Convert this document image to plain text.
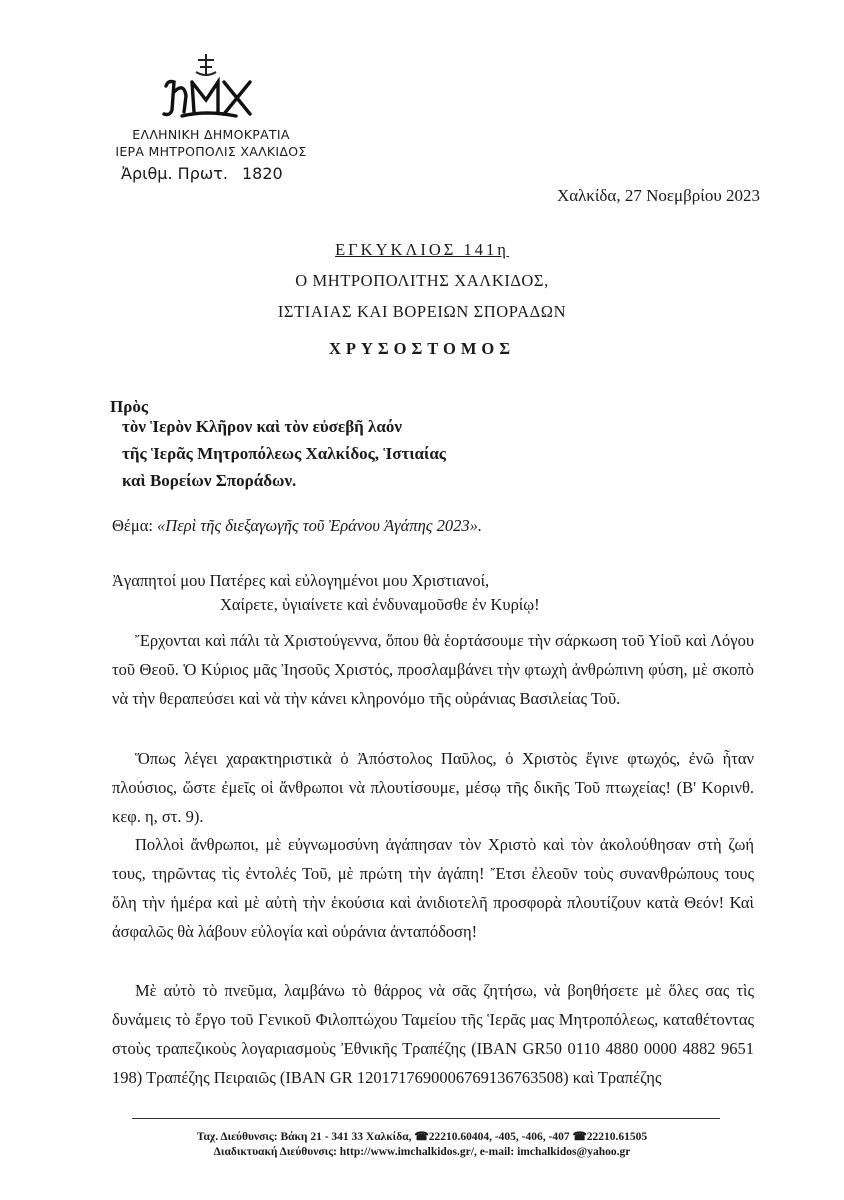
ΕΛΛΗΝΙΚΗ ΔΗΜΟΚΡΑΤΙΑ
ΙΕΡΑ ΜΗΤΡΟΠΟΛΙΣ ΧΑΛΚΙΔΟΣ
Ἀριθμ. Πρωτ. 1820
Χαλκίδα, 27 Νοεμβρίου 2023
ΕΓΚΥΚΛΙΟΣ 141η
Ο ΜΗΤΡΟΠΟΛΙΤΗΣ ΧΑΛΚΙΔΟΣ,
ΙΣΤΙΑΙΑΣ ΚΑΙ ΒΟΡΕΙΩΝ ΣΠΟΡΑΔΩΝ
ΧΡΥΣΟΣΤΟΜΟΣ
Πρὸς
τὸν Ἱερὸν Κλῆρον καὶ τὸν εὐσεβῆ λαόν
τῆς Ἱερᾶς Μητροπόλεως Χαλκίδος, Ἱστιαίας
καὶ Βορείων Σποράδων.
Θέμα: «Περὶ τῆς διεξαγωγῆς τοῦ Ἐράνου Ἀγάπης 2023».
Ἀγαπητοί μου Πατέρες καὶ εὐλογημένοι μου Χριστιανοί,
Χαίρετε, ὑγιαίνετε καὶ ἐνδυναμοῦσθε ἐν Κυρίῳ!

Ἔρχονται καὶ πάλι τὰ Χριστούγεννα, ὅπου θὰ ἑορτάσουμε τὴν σάρκωση τοῦ Υἱοῦ καὶ Λόγου τοῦ Θεοῦ. Ὁ Κύριος μᾶς Ἰησοῦς Χριστός, προσλαμβάνει τὴν φτωχὴ ἀνθρώπινη φύση, μὲ σκοπὸ νὰ τὴν θεραπεύσει καὶ νὰ τὴν κάνει κληρονόμο τῆς οὐράνιας Βασιλείας Τοῦ.

Ὅπως λέγει χαρακτηριστικὰ ὁ Ἀπόστολος Παῦλος, ὁ Χριστὸς ἔγινε φτωχός, ἐνῶ ἦταν πλούσιος, ὥστε ἐμεῖς οἱ ἄνθρωποι νὰ πλουτίσουμε, μέσῳ τῆς δικῆς Τοῦ πτωχείας! (Β' Κορινθ. κεφ. η, στ. 9).

Πολλοὶ ἄνθρωποι, μὲ εὐγνωμοσύνη ἀγάπησαν τὸν Χριστὸ καὶ τὸν ἀκολούθησαν στὴ ζωή τους, τηρῶντας τὶς ἐντολές Τοῦ, μὲ πρώτη τὴν ἀγάπη! Ἔτσι ἐλεοῦν τοὺς συνανθρώπους τους ὅλη τὴν ἡμέρα καὶ μὲ αὐτὴ τὴν ἑκούσια καὶ ἀνιδιοτελῆ προσφορὰ πλουτίζουν κατὰ Θεόν! Καὶ ἀσφαλῶς θὰ λάβουν εὐλογία καὶ οὐράνια ἀνταπόδοση!

Μὲ αὐτὸ τὸ πνεῦμα, λαμβάνω τὸ θάρρος νὰ σᾶς ζητήσω, νὰ βοηθήσετε μὲ ὅλες σας τὶς δυνάμεις τὸ ἔργο τοῦ Γενικοῦ Φιλοπτώχου Ταμείου τῆς Ἱερᾶς μας Μητροπόλεως, καταθέτοντας στοὺς τραπεζικοὺς λογαριασμοὺς Ἐθνικῆς Τραπέζης (IBAN GR50 0110 4880 0000 4882 9651 198) Τραπέζης Πειραιῶς (IBAN GR 1201717690006769136763508) καὶ Τραπέζης

Ταχ. Διεύθυνσις: Βάκη 21 - 341 33 Χαλκίδα, ☎22210.60404, -405, -406, -407 ☎22210.61505
Διαδικτυακή Διεύθυνσις: http://www.imchalkidos.gr/, e-mail: imchalkidos@yahoo.gr
